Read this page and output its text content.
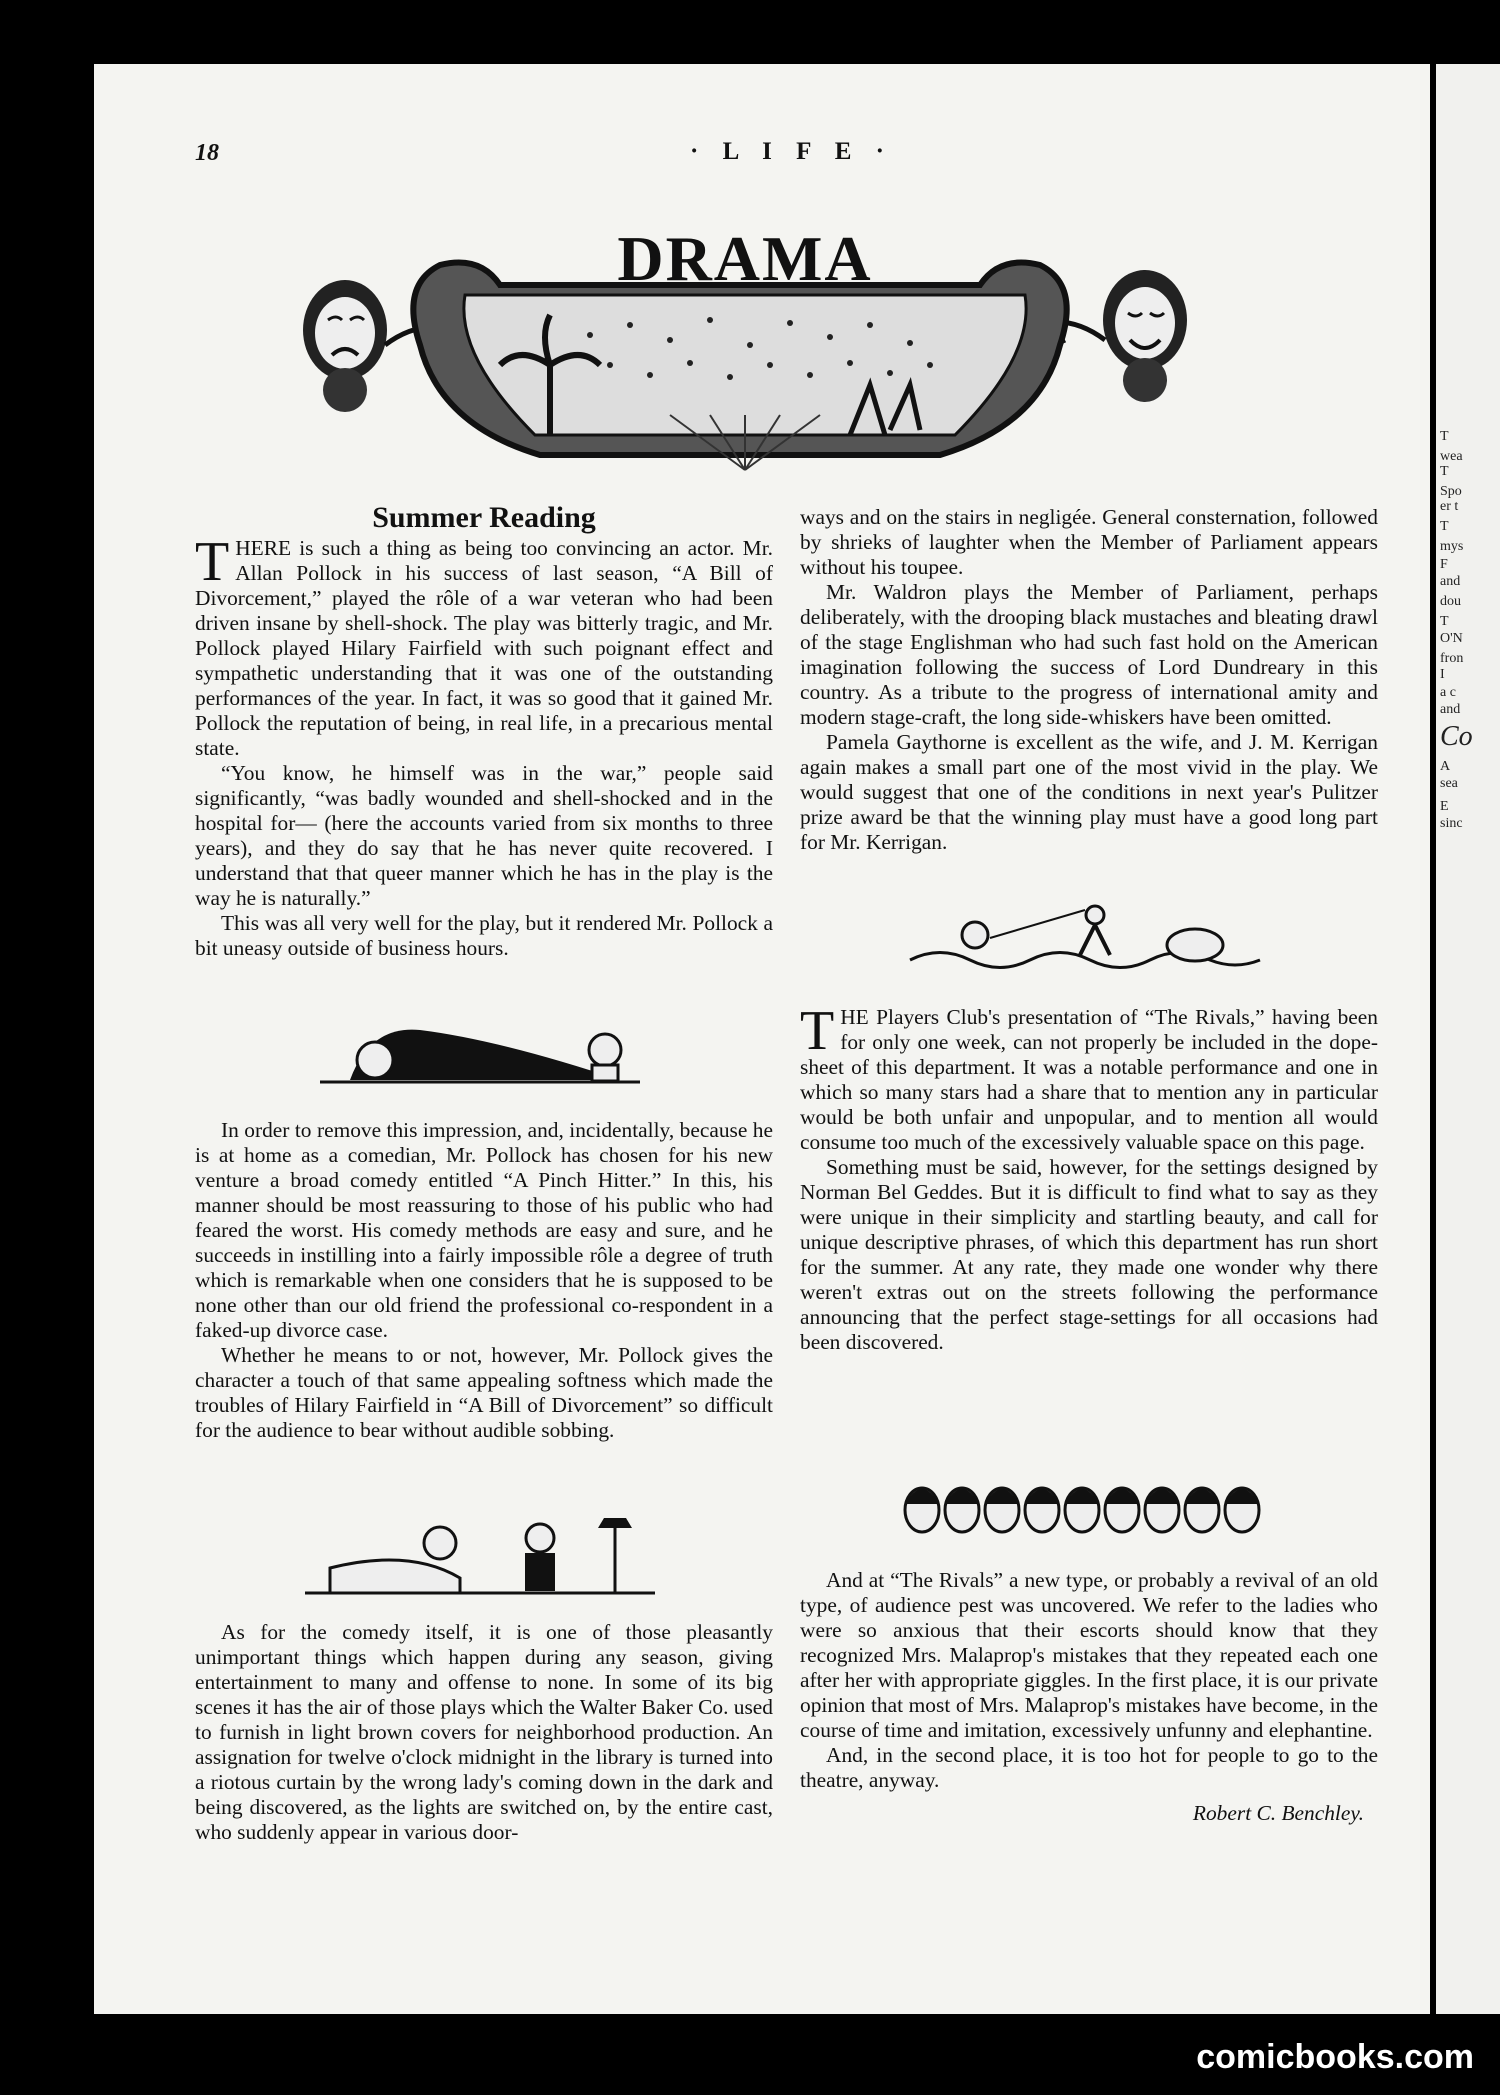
T
wea
T
Spo
er t
T
mys
F
and
dou
T
O'N
fron
I
a c
and
Co
A
sea
E
sinc
18	· L I F E ·
DRAMA
Summer Reading

THERE is such a thing as being too convincing an actor. Mr. Allan Pollock in his success of last season, “A Bill of Divorcement,” played the rôle of a war veteran who had been driven insane by shell-shock. The play was bitterly tragic, and Mr. Pollock played Hilary Fairfield with such poignant effect and sympathetic understanding that it was one of the outstanding performances of the year. In fact, it was so good that it gained Mr. Pollock the reputation of being, in real life, in a precarious mental state.

“You know, he himself was in the war,” people said significantly, “was badly wounded and shell-shocked and in the hospital for— (here the accounts varied from six months to three years), and they do say that he has never quite recovered. I understand that that queer manner which he has in the play is the way he is naturally.”

This was all very well for the play, but it rendered Mr. Pollock a bit uneasy outside of business hours.

In order to remove this impression, and, incidentally, because he is at home as a comedian, Mr. Pollock has chosen for his new venture a broad comedy entitled “A Pinch Hitter.” In this, his manner should be most reassuring to those of his public who had feared the worst. His comedy methods are easy and sure, and he succeeds in instilling into a fairly impossible rôle a degree of truth which is remarkable when one considers that he is supposed to be none other than our old friend the professional co-respondent in a faked-up divorce case.

Whether he means to or not, however, Mr. Pollock gives the character a touch of that same appealing softness which made the troubles of Hilary Fairfield in “A Bill of Divorcement” so difficult for the audience to bear without audible sobbing.

As for the comedy itself, it is one of those pleasantly unimportant things which happen during any season, giving entertainment to many and offense to none. In some of its big scenes it has the air of those plays which the Walter Baker Co. used to furnish in light brown covers for neighborhood production. An assignation for twelve o'clock midnight in the library is turned into a riotous curtain by the wrong lady's coming down in the dark and being discovered, as the lights are switched on, by the entire cast, who suddenly appear in various door-

ways and on the stairs in negligée. General consternation, followed by shrieks of laughter when the Member of Parliament appears without his toupee.

Mr. Waldron plays the Member of Parliament, perhaps deliberately, with the drooping black mustaches and bleating drawl of the stage Englishman who had such fast hold on the American imagination following the success of Lord Dundreary in this country. As a tribute to the progress of international amity and modern stage-craft, the long side-whiskers have been omitted.

Pamela Gaythorne is excellent as the wife, and J. M. Kerrigan again makes a small part one of the most vivid in the play. We would suggest that one of the conditions in next year's Pulitzer prize award be that the winning play must have a good long part for Mr. Kerrigan.

THE Players Club's presentation of “The Rivals,” having been for only one week, can not properly be included in the dope-sheet of this department. It was a notable performance and one in which so many stars had a share that to mention any in particular would be both unfair and unpopular, and to mention all would consume too much of the excessively valuable space on this page.

Something must be said, however, for the settings designed by Norman Bel Geddes. But it is difficult to find what to say as they were unique in their simplicity and startling beauty, and call for unique descriptive phrases, of which this department has run short for the summer. At any rate, they made one wonder why there weren't extras out on the streets following the performance announcing that the perfect stage-settings for all occasions had been discovered.

And at “The Rivals” a new type, or probably a revival of an old type, of audience pest was uncovered. We refer to the ladies who were so anxious that their escorts should know that they recognized Mrs. Malaprop's mistakes that they repeated each one after her with appropriate giggles. In the first place, it is our private opinion that most of Mrs. Malaprop's mistakes have become, in the course of time and imitation, excessively unfunny and elephantine.

And, in the second place, it is too hot for people to go to the theatre, anyway.

Robert C. Benchley.
comicbooks.com
